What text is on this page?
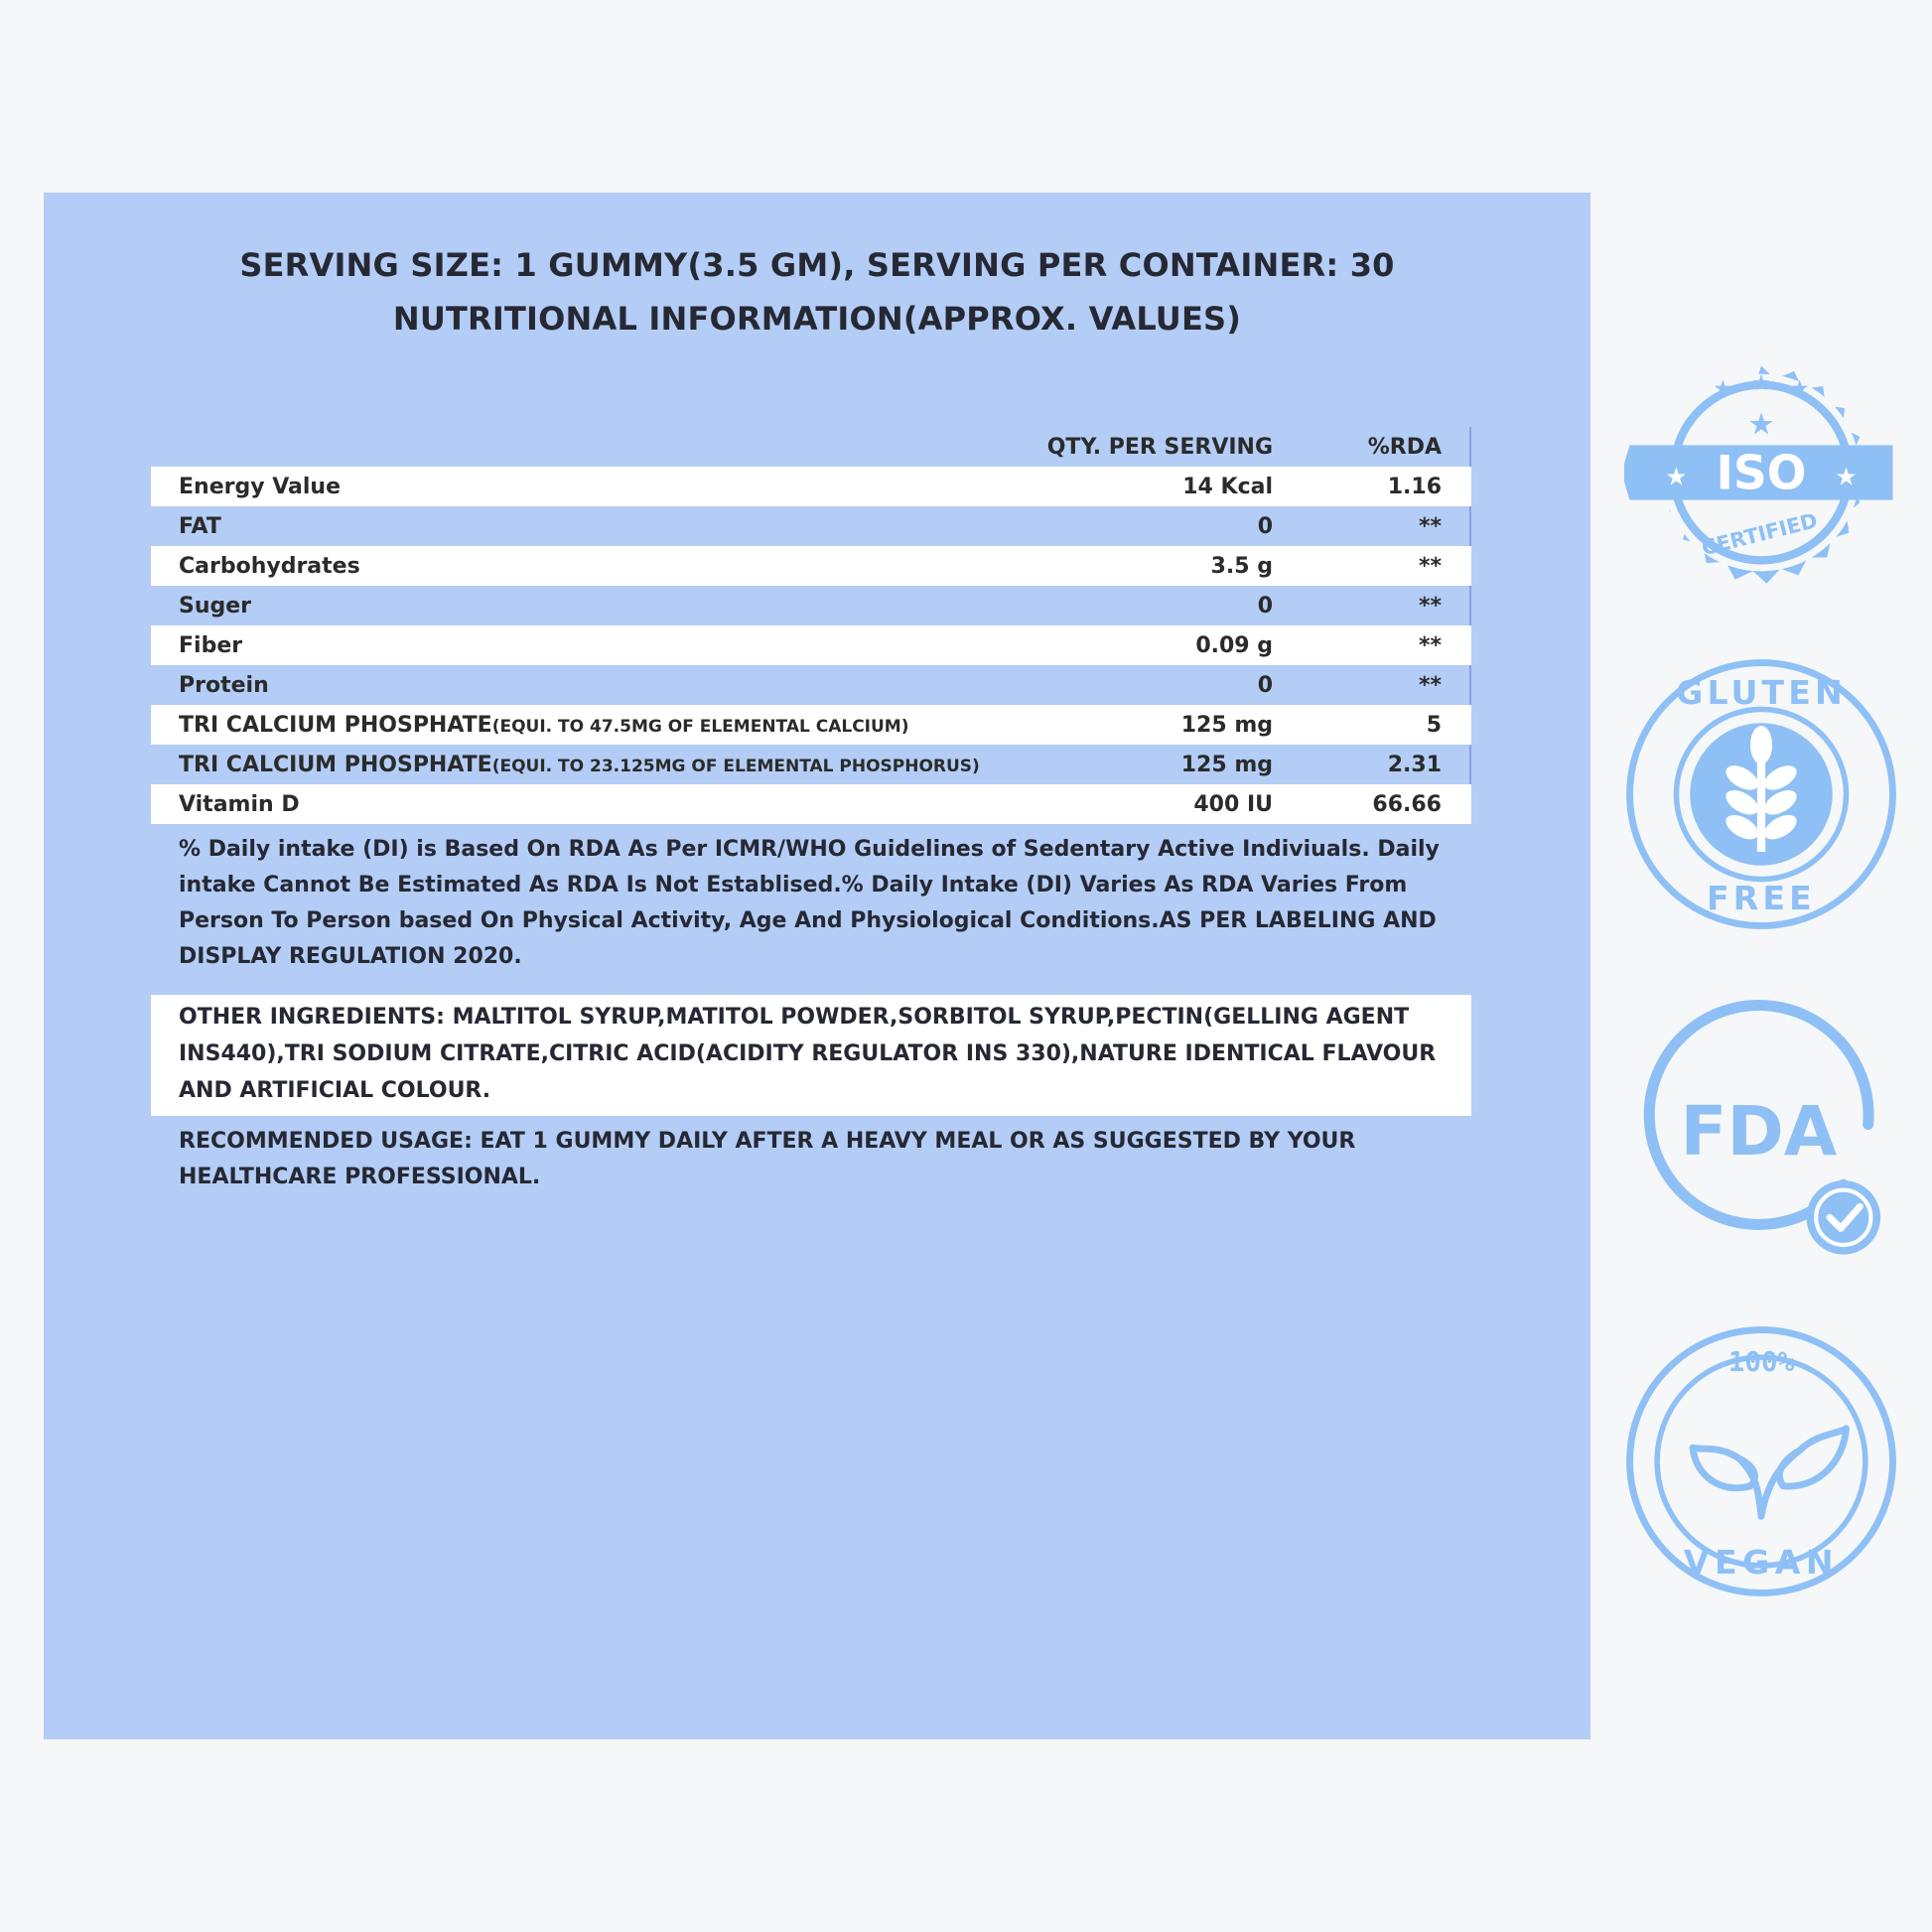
SERVING SIZE: 1 GUMMY(3.5 GM), SERVING PER CONTAINER: 30
NUTRITIONAL INFORMATION(APPROX. VALUES)
QTY. PER SERVING	%RDA
Energy Value	14 Kcal	1.16
FAT	0	**
Carbohydrates	3.5 g	**
Suger	0	**
Fiber	0.09 g	**
Protein	0	**
TRI CALCIUM PHOSPHATE(EQUI. TO 47.5MG OF ELEMENTAL CALCIUM)	125 mg	5
TRI CALCIUM PHOSPHATE(EQUI. TO 23.125MG OF ELEMENTAL PHOSPHORUS)	125 mg	2.31
Vitamin D	400 IU	66.66
% Daily intake (DI) is Based On RDA As Per ICMR/WHO Guidelines of Sedentary Active Indiviuals. Daily intake Cannot Be Estimated As RDA Is Not Establised.% Daily Intake (DI) Varies As RDA Varies From Person To Person based On Physical Activity, Age And Physiological Conditions.AS PER LABELING AND DISPLAY REGULATION 2020.
OTHER INGREDIENTS: MALTITOL SYRUP,MATITOL POWDER,SORBITOL SYRUP,PECTIN(GELLING AGENT INS440),TRI SODIUM CITRATE,CITRIC ACID(ACIDITY REGULATOR INS 330),NATURE IDENTICAL FLAVOUR AND ARTIFICIAL COLOUR.
RECOMMENDED USAGE: EAT 1 GUMMY DAILY AFTER A HEAVY MEAL OR AS SUGGESTED BY YOUR HEALTHCARE PROFESSIONAL.
ISO
★	★
★
★ ★ ★
CERTIFIED
GLUTEN
FREE
FDA
100%
VEGAN
